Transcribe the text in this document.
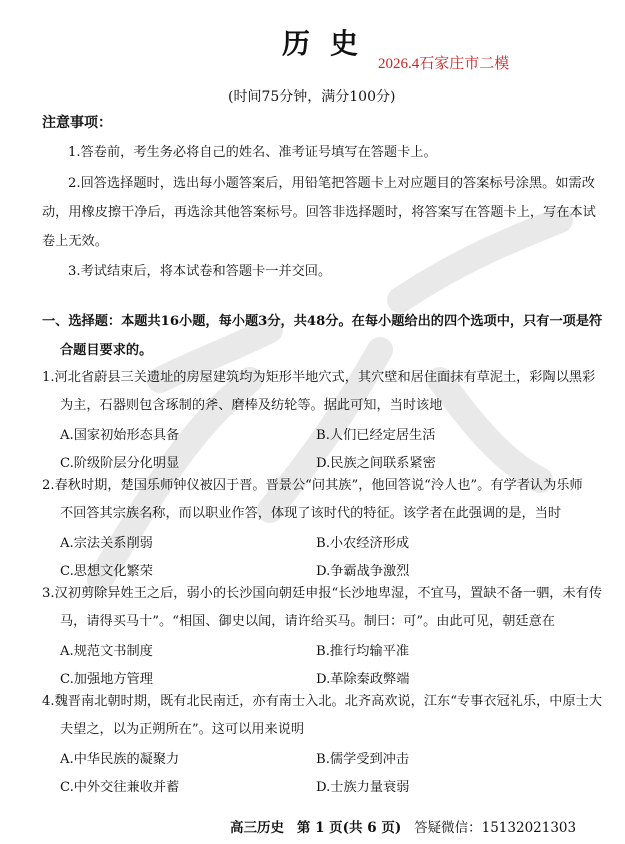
历史
2026.4石家庄市二模
(时间75分钟，满分100分)
注意事项：
1.答卷前，考生务必将自己的姓名、准考证号填写在答题卡上。
2.回答选择题时，选出每小题答案后，用铅笔把答题卡上对应题目的答案标号涂黑。如需改
动，用橡皮擦干净后，再选涂其他答案标号。回答非选择题时，将答案写在答题卡上，写在本试
卷上无效。
3.考试结束后，将本试卷和答题卡一并交回。
一、选择题：本题共16小题，每小题3分，共48分。在每小题给出的四个选项中，只有一项是符
合题目要求的。
1.河北省蔚县三关遗址的房屋建筑均为矩形半地穴式，其穴壁和居住面抹有草泥土，彩陶以黑彩
为主，石器则包含琢制的斧、磨棒及纺轮等。据此可知，当时该地
A.国家初始形态具备	B.人们已经定居生活
C.阶级阶层分化明显	D.民族之间联系紧密
2.春秋时期，楚国乐师钟仪被囚于晋。晋景公“问其族”，他回答说“泠人也”。有学者认为乐师
不回答其宗族名称，而以职业作答，体现了该时代的特征。该学者在此强调的是，当时
A.宗法关系削弱	B.小农经济形成
C.思想文化繁荣	D.争霸战争激烈
3.汉初剪除异姓王之后，弱小的长沙国向朝廷申报“长沙地卑湿，不宜马，置缺不备一驷，未有传
马，请得买马十”。“相国、御史以闻，请许给买马。制曰：可”。由此可见，朝廷意在
A.规范文书制度	B.推行均输平准
C.加强地方管理	D.革除秦政弊端
4.魏晋南北朝时期，既有北民南迁，亦有南士入北。北齐高欢说，江东“专事衣冠礼乐，中原士大
夫望之，以为正朔所在”。这可以用来说明
A.中华民族的凝聚力	B.儒学受到冲击
C.中外交往兼收并蓄	D.士族力量衰弱
高三历史 第 1 页(共 6 页) 答疑微信：15132021303
